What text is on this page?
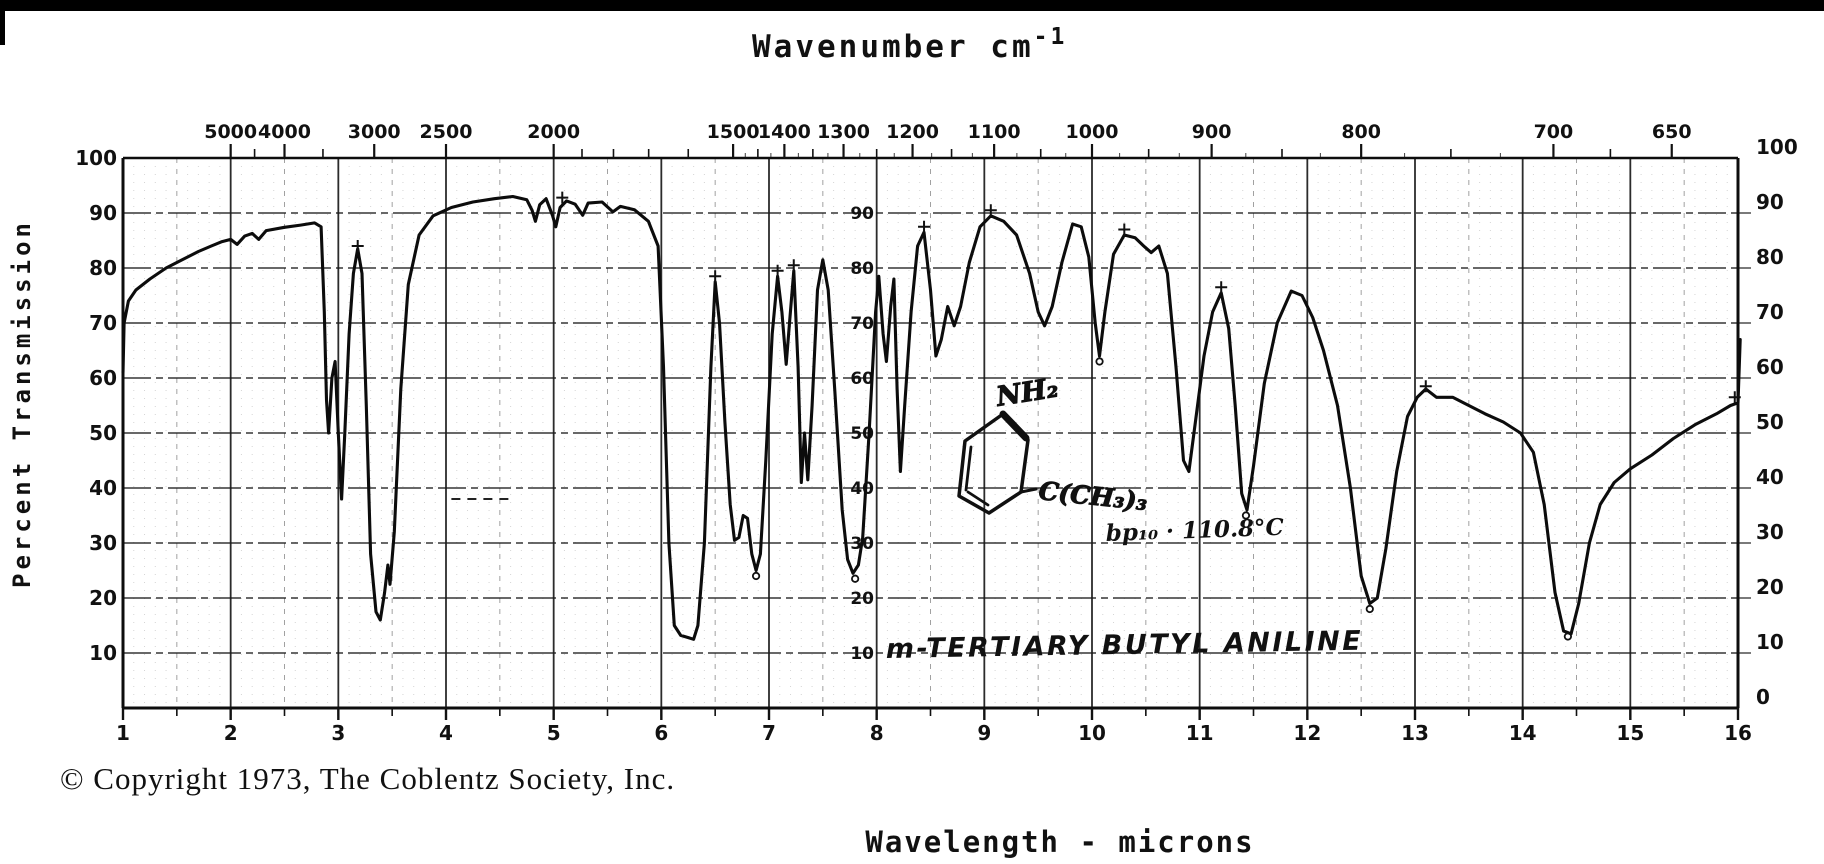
Wavenumber $cm^{-1}$
Percent Transmission
5000 4000 3000 2500	2000	1500
1400 1300 1200 1100 1000	900	800	700	650
1	2	3	4	5	6	7	8	9	10	11	12	13	14	15	16
100
90
80
70
60
50
40
30
20
10
100
90
80
70
60
50
40
30
20
10
0
90
80
70
60
50
40
30
20
10
NH₂
C(CH₃)₃
bp₁₀ · 110.8°C
m-TERTIARY BUTYL ANILINE
© Copyright 1973, The Coblentz Society, Inc.
Wavelength - microns
